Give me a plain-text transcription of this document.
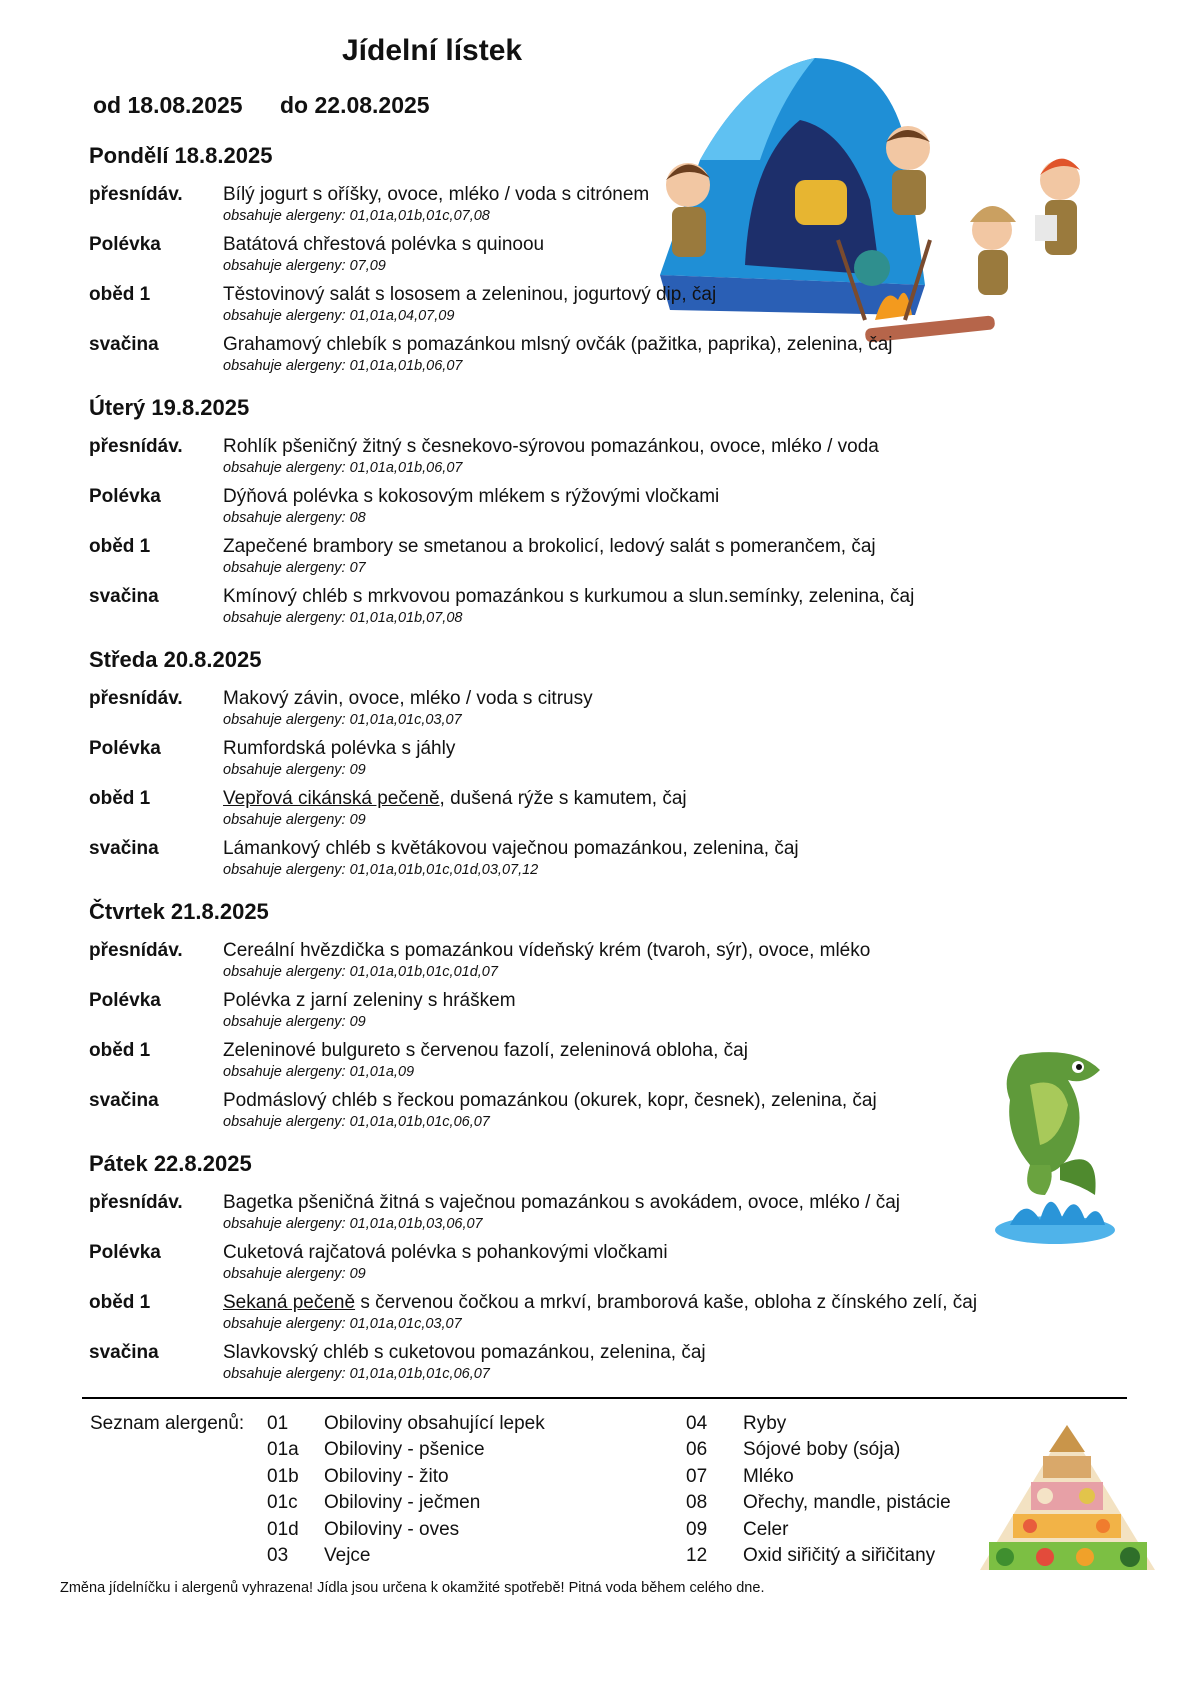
Jídelní lístek
od 18.08.2025 do 22.08.2025
Pondělí 18.8.2025
přesnídáv. Bílý jogurt s oříšky, ovoce, mléko / voda s citrónem
obsahuje alergeny: 01,01a,01b,01c,07,08
Polévka	Batátová chřestová polévka s quinoou
obsahuje alergeny: 07,09
oběd 1	Těstovinový salát s lososem a zeleninou, jogurtový dip, čaj
obsahuje alergeny: 01,01a,04,07,09
svačina	Grahamový chlebík s pomazánkou mlsný ovčák (pažitka, paprika), zelenina, čaj
obsahuje alergeny: 01,01a,01b,06,07
Úterý 19.8.2025
přesnídáv. Rohlík pšeničný žitný s česnekovo-sýrovou pomazánkou, ovoce, mléko / voda
obsahuje alergeny: 01,01a,01b,06,07
Polévka	Dýňová polévka s kokosovým mlékem s rýžovými vločkami
obsahuje alergeny: 08
oběd 1	Zapečené brambory se smetanou a brokolicí, ledový salát s pomerančem, čaj
obsahuje alergeny: 07
svačina	Kmínový chléb s mrkvovou pomazánkou s kurkumou a slun.semínky, zelenina, čaj
obsahuje alergeny: 01,01a,01b,07,08
Středa 20.8.2025
přesnídáv. Makový závin, ovoce, mléko / voda s citrusy
obsahuje alergeny: 01,01a,01c,03,07
Polévka	Rumfordská polévka s jáhly
obsahuje alergeny: 09
oběd 1	Vepřová cikánská pečeně, dušená rýže s kamutem, čaj
obsahuje alergeny: 09
svačina	Lámankový chléb s květákovou vaječnou pomazánkou, zelenina, čaj
obsahuje alergeny: 01,01a,01b,01c,01d,03,07,12
Čtvrtek 21.8.2025
přesnídáv. Cereální hvězdička s pomazánkou vídeňský krém (tvaroh, sýr), ovoce, mléko
obsahuje alergeny: 01,01a,01b,01c,01d,07
Polévka	Polévka z jarní zeleniny s hráškem
obsahuje alergeny: 09
oběd 1	Zeleninové bulgureto s červenou fazolí, zeleninová obloha, čaj
obsahuje alergeny: 01,01a,09
svačina	Podmáslový chléb s řeckou pomazánkou (okurek, kopr, česnek), zelenina, čaj
obsahuje alergeny: 01,01a,01b,01c,06,07
Pátek 22.8.2025
přesnídáv. Bagetka pšeničná žitná s vaječnou pomazánkou s avokádem, ovoce, mléko / čaj
obsahuje alergeny: 01,01a,01b,03,06,07
Polévka	Cuketová rajčatová polévka s pohankovými vločkami
obsahuje alergeny: 09
oběd 1	Sekaná pečeně s červenou čočkou a mrkví, bramborová kaše, obloha z čínského zelí, čaj
obsahuje alergeny: 01,01a,01c,03,07
svačina	Slavkovský chléb s cuketovou pomazánkou, zelenina, čaj
obsahuje alergeny: 01,01a,01b,01c,06,07
Seznam alergenů: 01 Obiloviny obsahující lepek
01a Obiloviny - pšenice
01b Obiloviny - žito
01c Obiloviny - ječmen
01d Obiloviny - oves
03 Vejce
04 Ryby
06 Sójové boby (sója)
07 Mléko
08 Ořechy, mandle, pistácie
09 Celer
12 Oxid siřičitý a siřičitany
Změna jídelníčku i alergenů vyhrazena! Jídla jsou určena k okamžité spotřebě! Pitná voda během celého dne.
